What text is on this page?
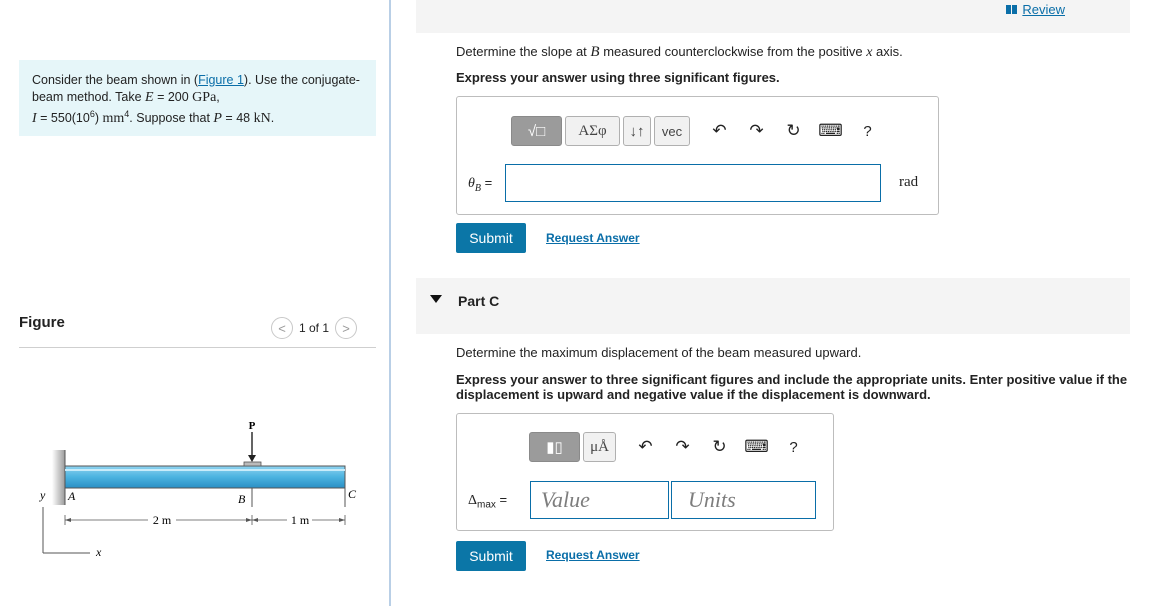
Consider the beam shown in (Figure 1). Use the conjugate-beam method. Take E = 200 GPa,
$I = 550(10^6)$ $mm^4$. Suppose that P = 48 kN.
Figure	< 1 of 1 >
P
A	B	C
2 m	1 m
y
x
Review
Determine the slope at B measured counterclockwise from the positive x axis.
Express your answer using three significant figures.
√□ ΑΣφ ↓↑ vec	↶	↷	↻	⌨	?
$\theta_B$ =	rad
Submit	Request Answer
Part C
Determine the maximum displacement of the beam measured upward.
Express your answer to three significant figures and include the appropriate units. Enter positive value if the displacement is upward and negative value if the displacement is downward.
▮▯ μÅ	↶	↷	↻	⌨	?
$\Delta_{max}$ =	Value	Units
Submit	Request Answer
